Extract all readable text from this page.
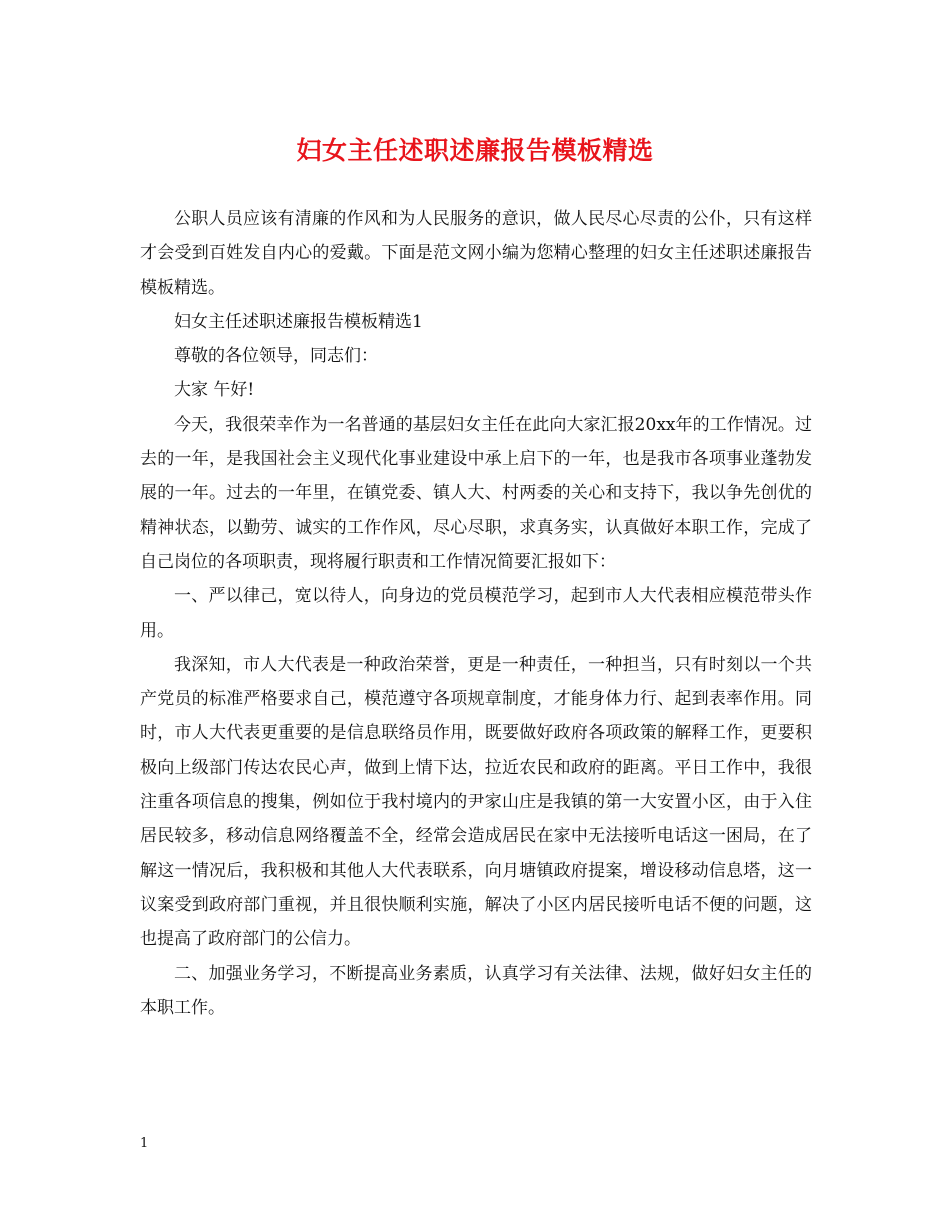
妇女主任述职述廉报告模板精选

公职人员应该有清廉的作风和为人民服务的意识，做人民尽心尽责的公仆，只有这样才会受到百姓发自内心的爱戴。下面是范文网小编为您精心整理的妇女主任述职述廉报告模板精选。

妇女主任述职述廉报告模板精选1

尊敬的各位领导，同志们：

大家 午好!

今天，我很荣幸作为一名普通的基层妇女主任在此向大家汇报20xx年的工作情况。过去的一年，是我国社会主义现代化事业建设中承上启下的一年，也是我市各项事业蓬勃发展的一年。过去的一年里，在镇党委、镇人大、村两委的关心和支持下，我以争先创优的精神状态，以勤劳、诚实的工作作风，尽心尽职，求真务实，认真做好本职工作，完成了自己岗位的各项职责，现将履行职责和工作情况简要汇报如下：

一、严以律己，宽以待人，向身边的党员模范学习，起到市人大代表相应模范带头作用。

我深知，市人大代表是一种政治荣誉，更是一种责任，一种担当，只有时刻以一个共产党员的标准严格要求自己，模范遵守各项规章制度，才能身体力行、起到表率作用。同时，市人大代表更重要的是信息联络员作用，既要做好政府各项政策的解释工作，更要积极向上级部门传达农民心声，做到上情下达，拉近农民和政府的距离。平日工作中，我很注重各项信息的搜集，例如位于我村境内的尹家山庄是我镇的第一大安置小区，由于入住居民较多，移动信息网络覆盖不全，经常会造成居民在家中无法接听电话这一困局，在了解这一情况后，我积极和其他人大代表联系，向月塘镇政府提案，增设移动信息塔，这一议案受到政府部门重视，并且很快顺利实施，解决了小区内居民接听电话不便的问题，这也提高了政府部门的公信力。

二、加强业务学习，不断提高业务素质，认真学习有关法律、法规，做好妇女主任的本职工作。

1
